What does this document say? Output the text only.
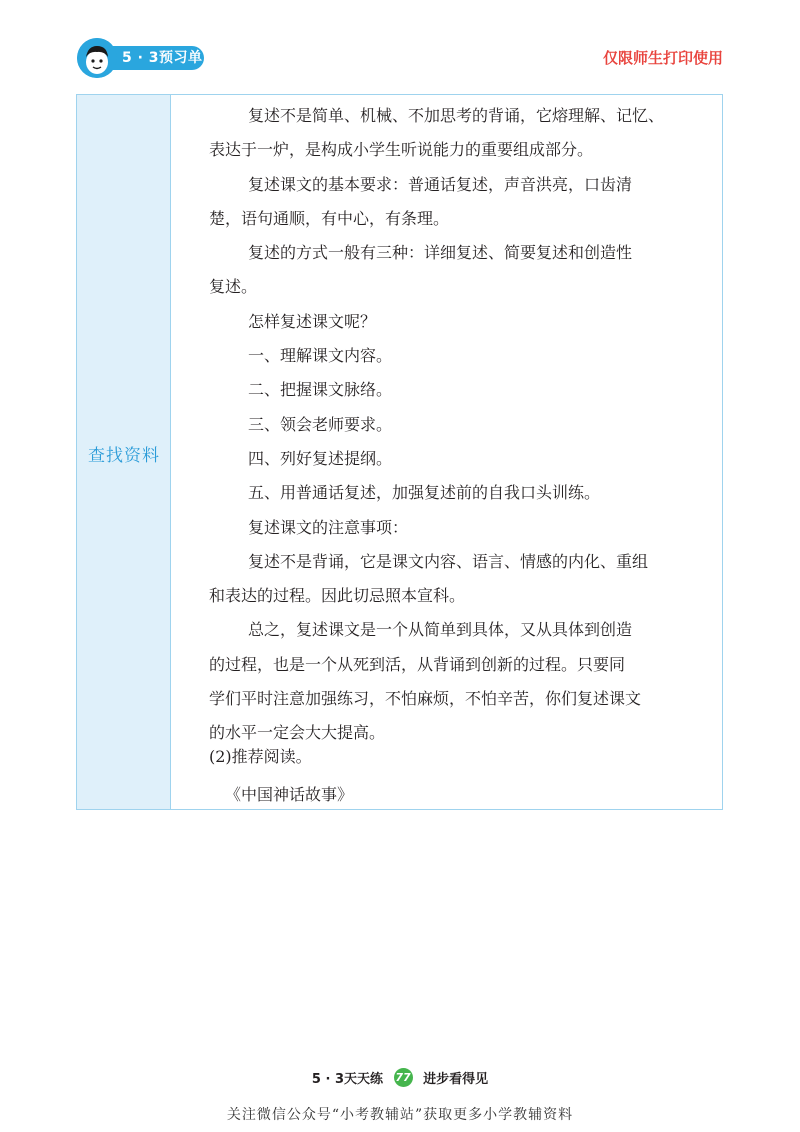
5 · 3预习单	仅限师生打印使用
查找资料

复述不是简单、机械、不加思考的背诵，它熔理解、记忆、

表达于一炉，是构成小学生听说能力的重要组成部分。

复述课文的基本要求：普通话复述，声音洪亮，口齿清

楚，语句通顺，有中心，有条理。

复述的方式一般有三种：详细复述、简要复述和创造性

复述。

怎样复述课文呢？

一、理解课文内容。

二、把握课文脉络。

三、领会老师要求。

四、列好复述提纲。

五、用普通话复述，加强复述前的自我口头训练。

复述课文的注意事项：

复述不是背诵，它是课文内容、语言、情感的内化、重组

和表达的过程。因此切忌照本宣科。

总之，复述课文是一个从简单到具体，又从具体到创造

的过程，也是一个从死到活，从背诵到创新的过程。只要同

学们平时注意加强练习，不怕麻烦，不怕辛苦，你们复述课文

的水平一定会大大提高。

(2)推荐阅读。
《中国神话故事》
5 · 3天天练 77 进步看得见
关注微信公众号“小考教辅站”获取更多小学教辅资料
